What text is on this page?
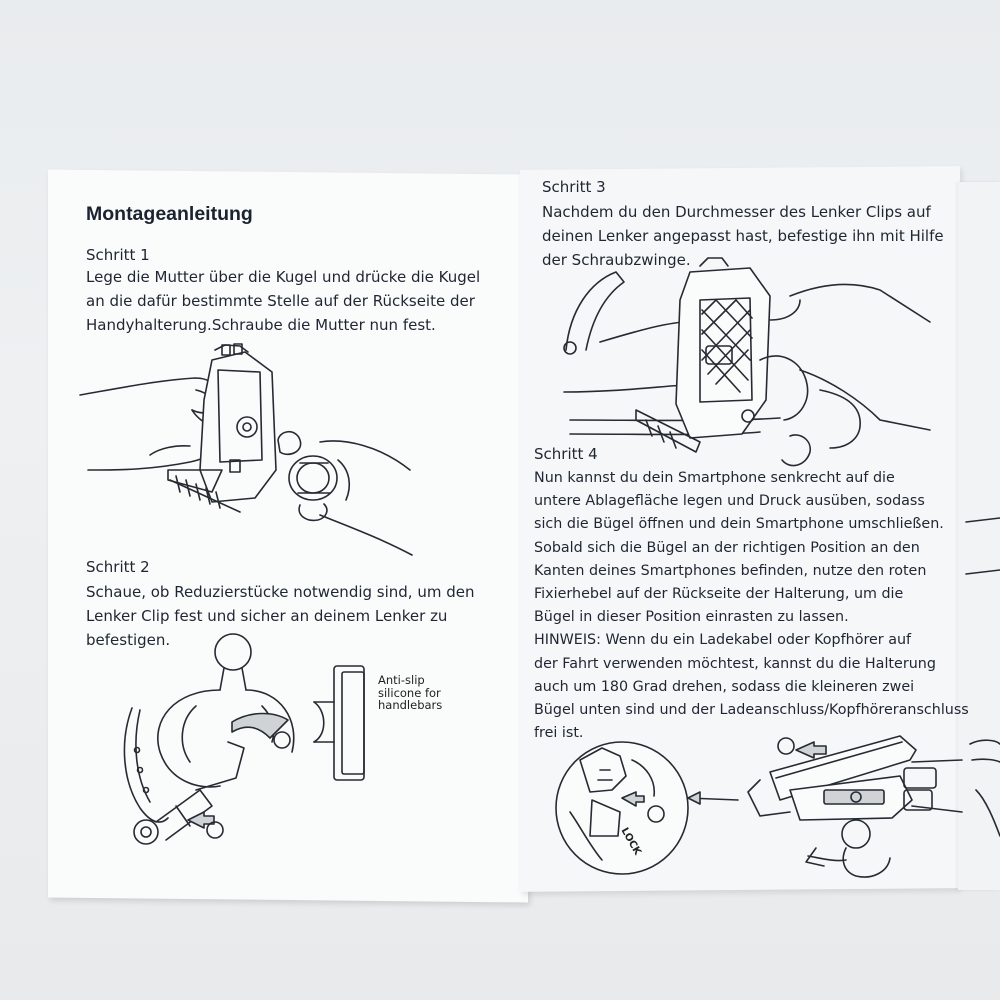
Montageanleitung
Schritt 1
Lege die Mutter über die Kugel und drücke die Kugel
an die dafür bestimmte Stelle auf der Rückseite der
Handyhalterung.Schraube die Mutter nun fest.
Schritt 2
Schaue, ob Reduzierstücke notwendig sind, um den
Lenker Clip fest und sicher an deinem Lenker zu
befestigen.
Anti-slip
silicone for
handlebars
Schritt 3
Nachdem du den Durchmesser des Lenker Clips auf
deinen Lenker angepasst hast, befestige ihn mit Hilfe
der Schraubzwinge.
Schritt 4
Nun kannst du dein Smartphone senkrecht auf die
untere Ablagefläche legen und Druck ausüben, sodass
sich die Bügel öffnen und dein Smartphone umschließen.
Sobald sich die Bügel an der richtigen Position an den
Kanten deines Smartphones befinden, nutze den roten
Fixierhebel auf der Rückseite der Halterung, um die
Bügel in dieser Position einrasten zu lassen.
HINWEIS: Wenn du ein Ladekabel oder Kopfhörer auf
der Fahrt verwenden möchtest, kannst du die Halterung
auch um 180 Grad drehen, sodass die kleineren zwei
Bügel unten sind und der Ladeanschluss/Kopfhöreranschluss
frei ist.
LOCK
